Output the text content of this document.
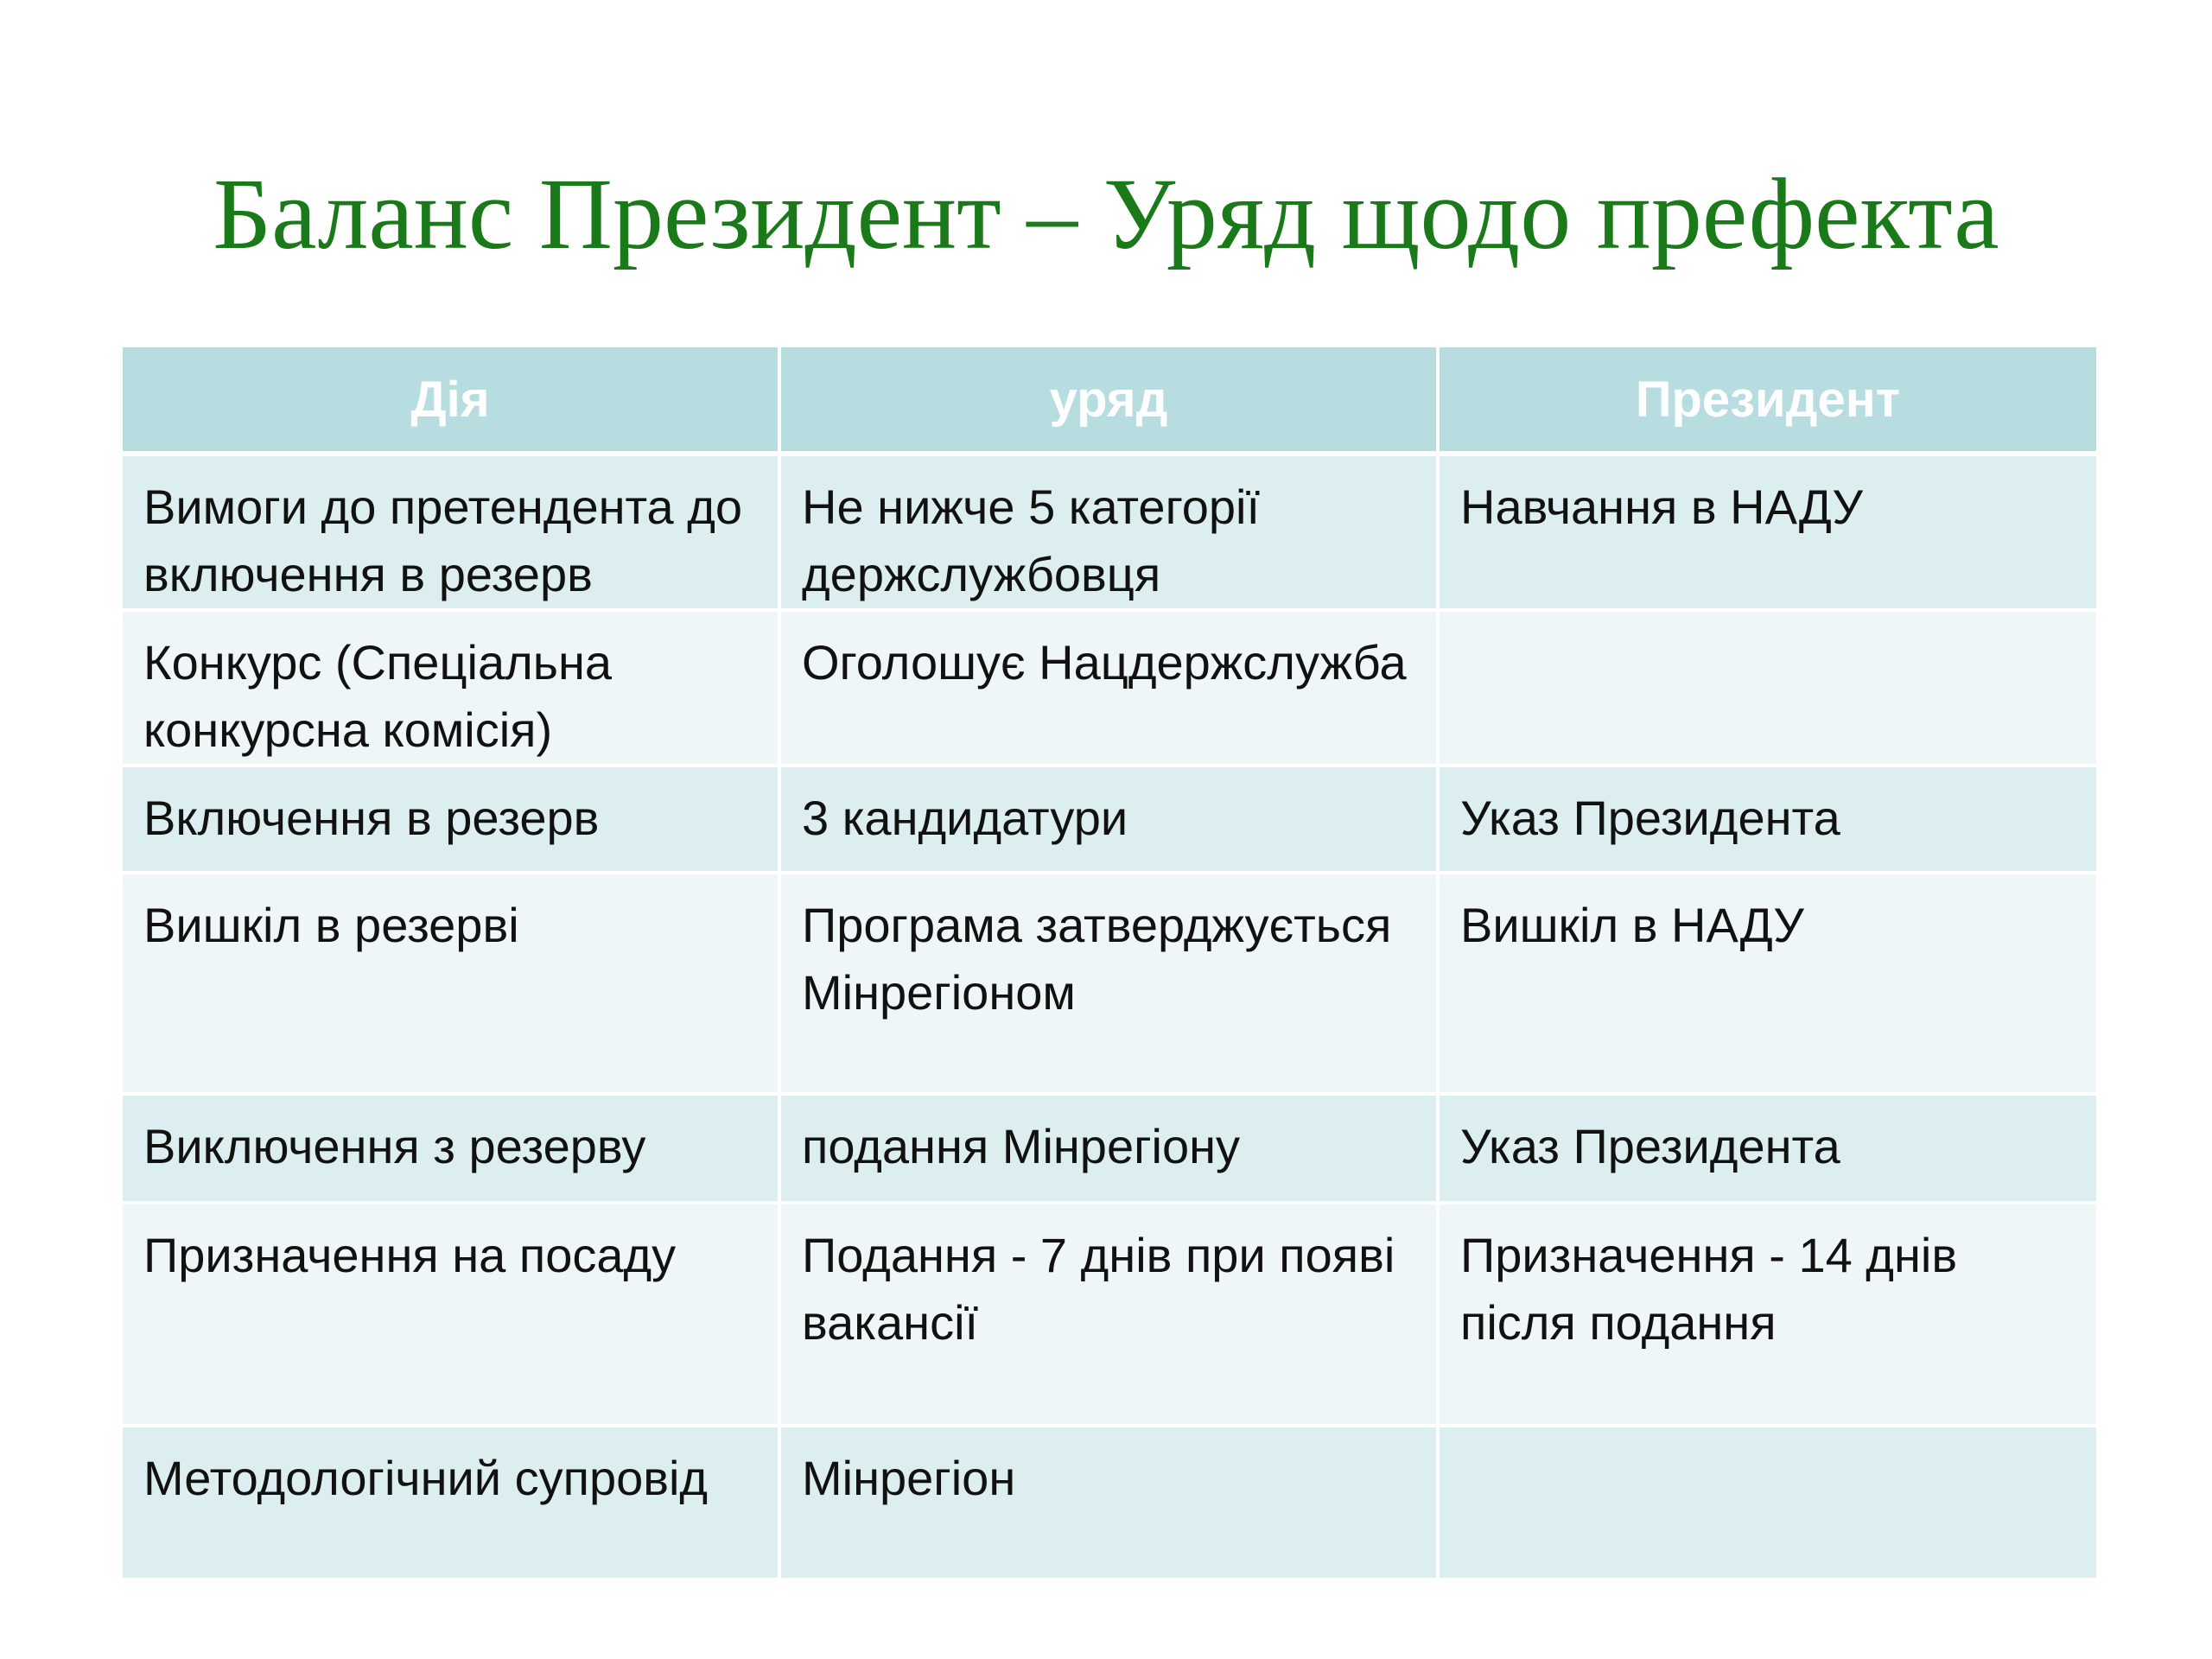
Баланс Президент – Уряд щодо префекта
Дія	уряд	Президент
Вимоги до претендента до включення в резерв	Не нижче 5 категорії держслужбовця	Навчання в НАДУ
Конкурс (Спеціальна конкурсна комісія)	Оголошує Нацдержслужба	
Включення в резерв	3 кандидатури	Указ Президента
Вишкіл в резерві	Програма затверджується Мінрегіоном	Вишкіл в НАДУ
Виключення з резерву	подання Мінрегіону	Указ Президента
Призначення на посаду	Подання - 7 днів при появі вакансії	Призначення - 14 днів після подання
Методологічний супровід	Мінрегіон	
